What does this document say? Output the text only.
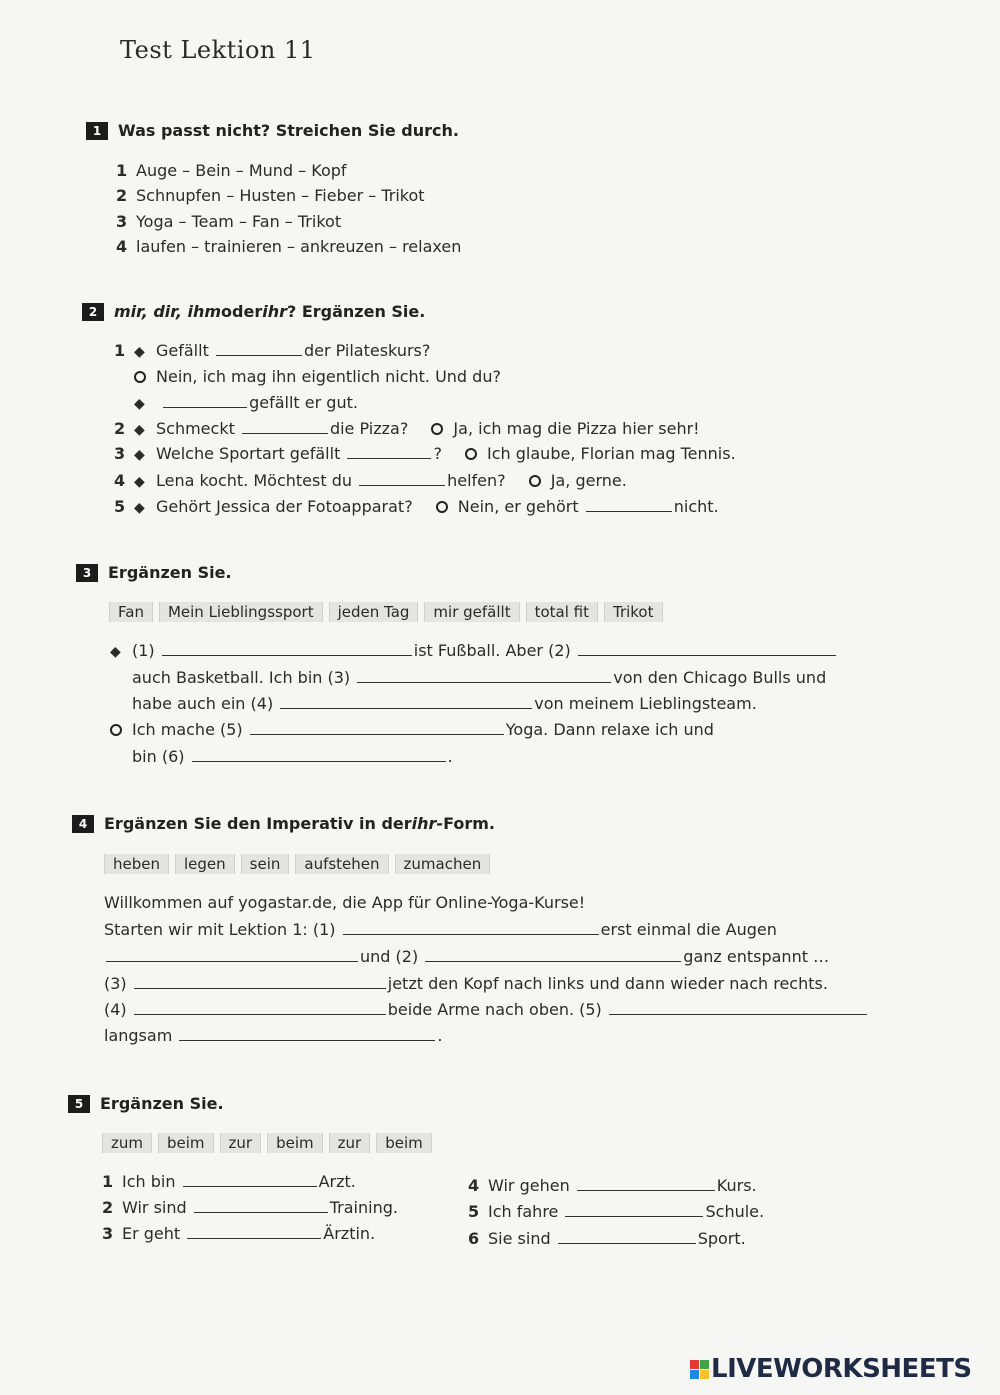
Test Lektion 11
1	Was passt nicht? Streichen Sie durch.
1 Auge – Bein – Mund – Kopf
2 Schnupfen – Husten – Fieber – Trikot
3 Yoga – Team – Fan – Trikot
4 laufen – trainieren – ankreuzen – relaxen
2	mir, dir, ihm oder ihr ? Ergänzen Sie.
1 ◆ Gefällt	der Pilateskurs?
Nein, ich mag ihn eigentlich nicht. Und du?
◆	gefällt er gut.
2 ◆ Schmeckt	die Pizza?	Ja, ich mag die Pizza hier sehr!
3 ◆ Welche Sportart gefällt	?	Ich glaube, Florian mag Tennis.
4 ◆ Lena kocht. Möchtest du	helfen?	Ja, gerne.
5 ◆ Gehört Jessica der Fotoapparat?	Nein, er gehört	nicht.
3	Ergänzen Sie.
Fan	Mein Lieblingssport	jeden Tag	mir gefällt	total fit	Trikot
◆ (1)	ist Fußball. Aber (2)
auch Basketball. Ich bin (3)	von den Chicago Bulls und
habe auch ein (4)	von meinem Lieblingsteam.
Ich mache (5)	Yoga. Dann relaxe ich und
bin (6)	.
4	Ergänzen Sie den Imperativ in der ihr- Form.
heben	legen	sein	aufstehen	zumachen
Willkommen auf yogastar.de, die App für Online-Yoga-Kurse!
Starten wir mit Lektion 1: (1)	erst einmal die Augen
und (2)	ganz entspannt …
(3)	jetzt den Kopf nach links und dann wieder nach rechts.
(4)	beide Arme nach oben. (5)
langsam	.
5	Ergänzen Sie.
zum	beim	zur	beim	zur	beim
1 Ich bin	Arzt.
2 Wir sind	Training.
3 Er geht	Ärztin.
4 Wir gehen	Kurs.
5 Ich fahre	Schule.
6 Sie sind	Sport.
LIVEWORKSHEETS
